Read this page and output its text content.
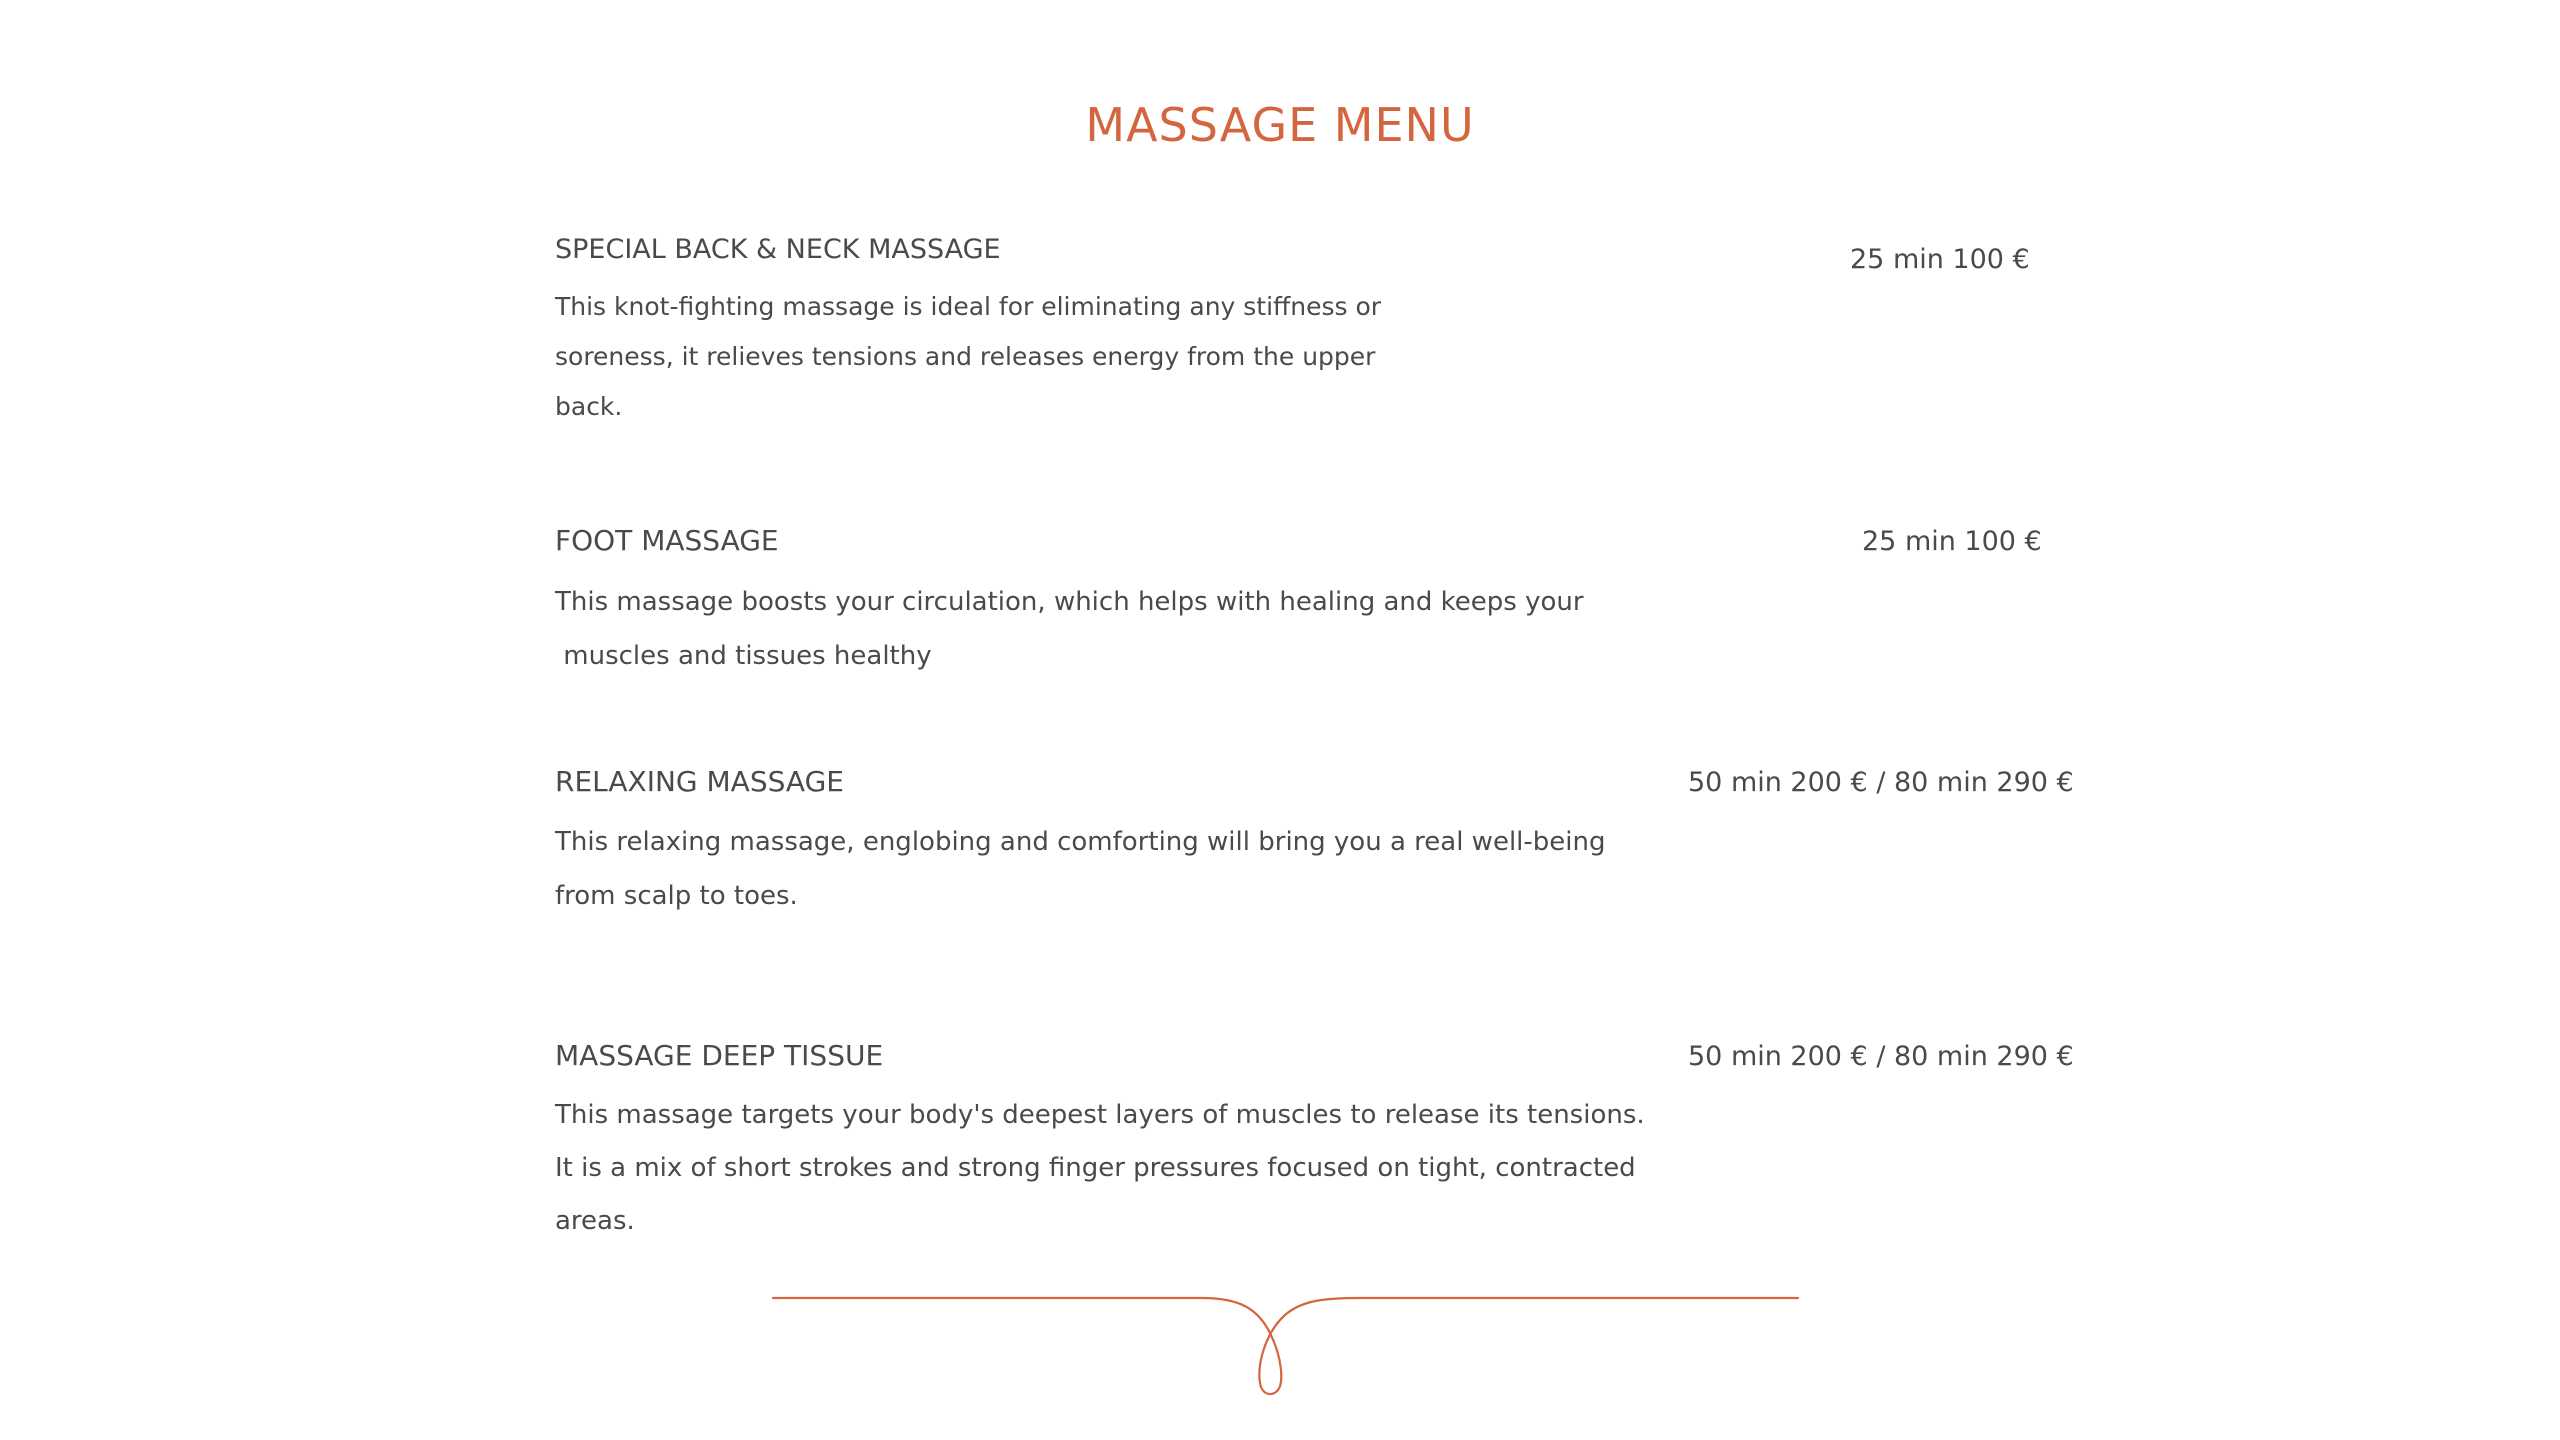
MASSAGE MENU
SPECIAL BACK & NECK MASSAGE	25 min 100 €

This knot-fighting massage is ideal for eliminating any stiffness or
soreness, it relieves tensions and releases energy from the upper
back.

FOOT MASSAGE	25 min 100 €

This massage boosts your circulation, which helps with healing and keeps your
muscles and tissues healthy

RELAXING MASSAGE	50 min 200 € / 80 min 290 €

This relaxing massage, englobing and comforting will bring you a real well-being
from scalp to toes.

MASSAGE DEEP TISSUE	50 min 200 € / 80 min 290 €

This massage targets your body's deepest layers of muscles to release its tensions.
It is a mix of short strokes and strong finger pressures focused on tight, contracted
areas.
